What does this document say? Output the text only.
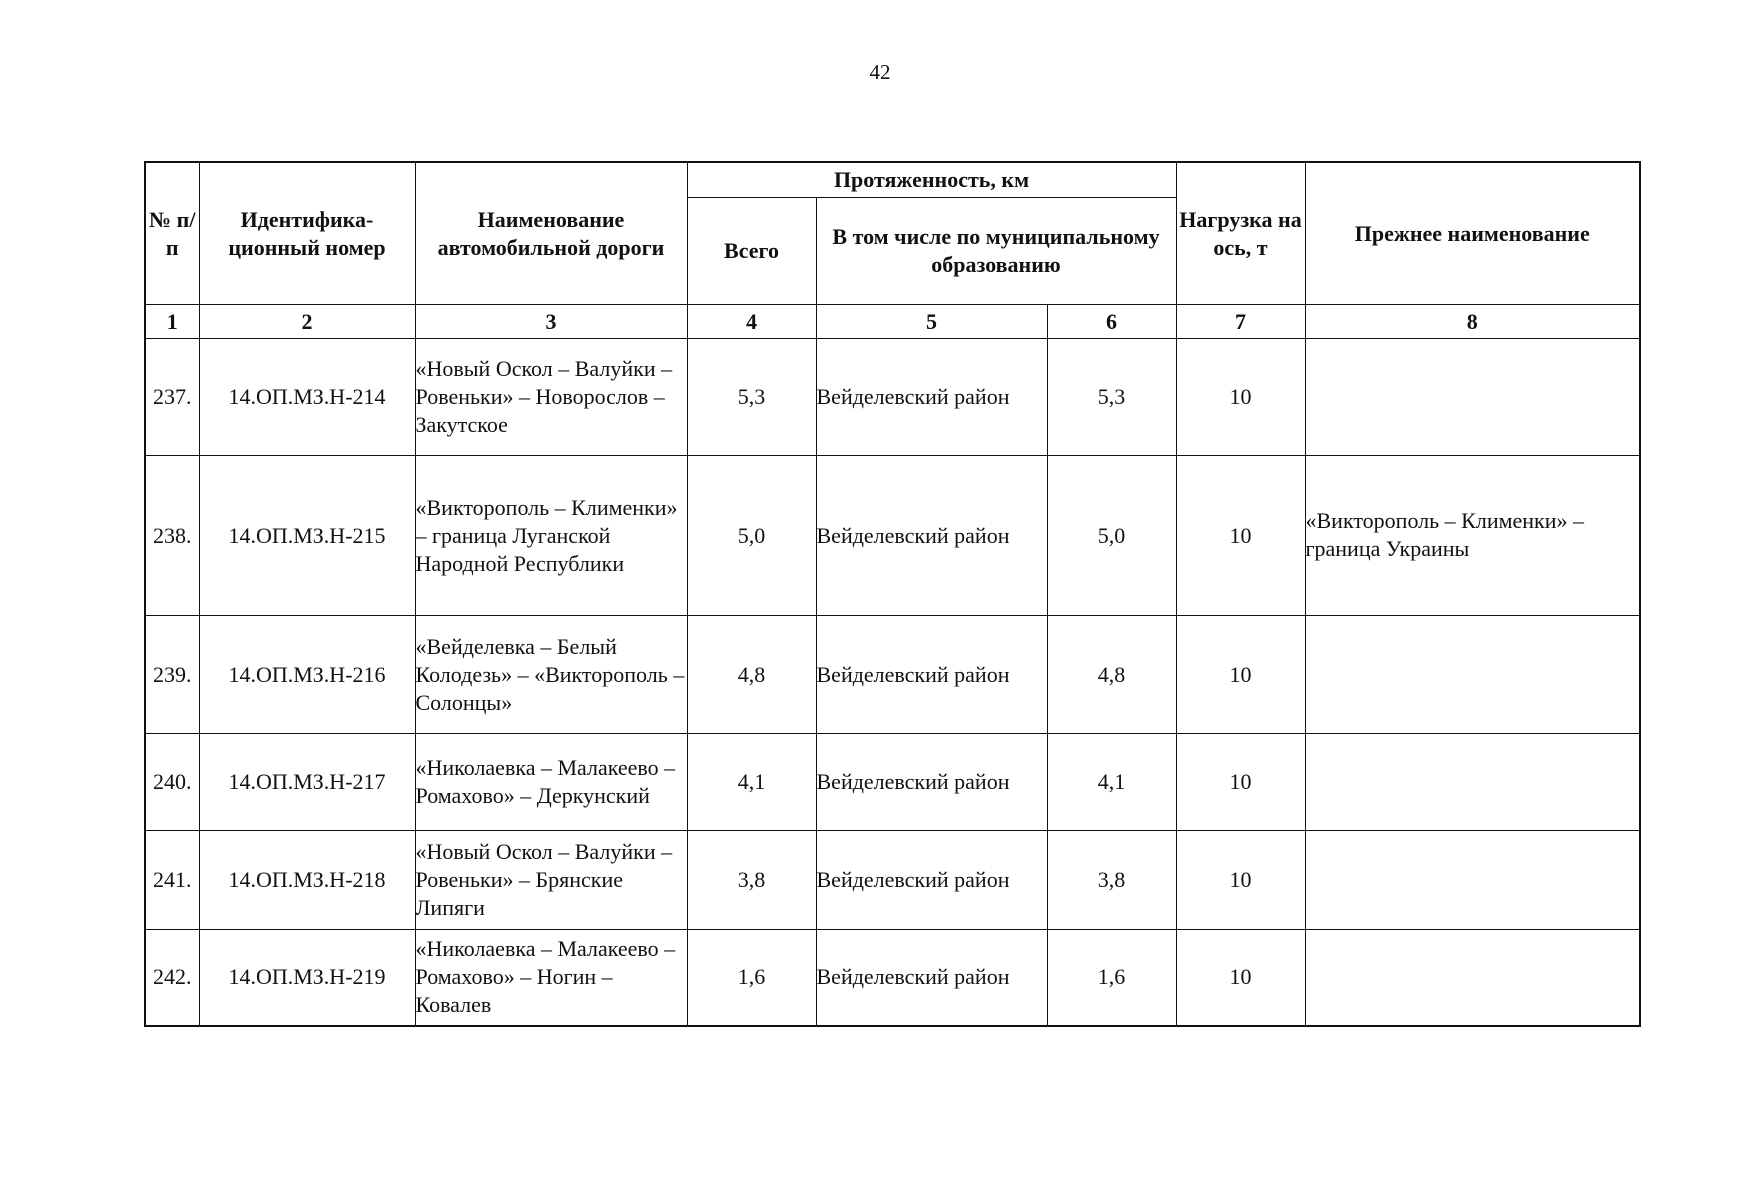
42
№ п/п	Идентифика-ционный номер	Наименование автомобильной дороги	Протяженность, км			Нагрузка на ось, т	Прежнее наименование
			Всего	В том числе по муниципальному образованию			
1	2	3	4	5	6	7	8
237.	14.ОП.МЗ.Н-214	«Новый Оскол – Валуйки – Ровеньки» – Новорослов – Закутское	5,3	Вейделевский район	5,3	10	

238.	14.ОП.МЗ.Н-215	«Викторополь – Клименки» – граница Луганской Народной Республики	5,0	Вейделевский район	5,0	10	«Викторополь – Клименки» – граница Украины

239.	14.ОП.МЗ.Н-216	«Вейделевка – Белый Колодезь» – «Викторополь – Солонцы»	4,8	Вейделевский район	4,8	10	

240.	14.ОП.МЗ.Н-217	«Николаевка – Малакеево – Ромахово» – Деркунский	4,1	Вейделевский район	4,1	10	

241.	14.ОП.МЗ.Н-218	«Новый Оскол – Валуйки – Ровеньки» – Брянские Липяги	3,8	Вейделевский район	3,8	10	

242.	14.ОП.МЗ.Н-219	«Николаевка – Малакеево – Ромахово» – Ногин – Ковалев	1,6	Вейделевский район	1,6	10	
